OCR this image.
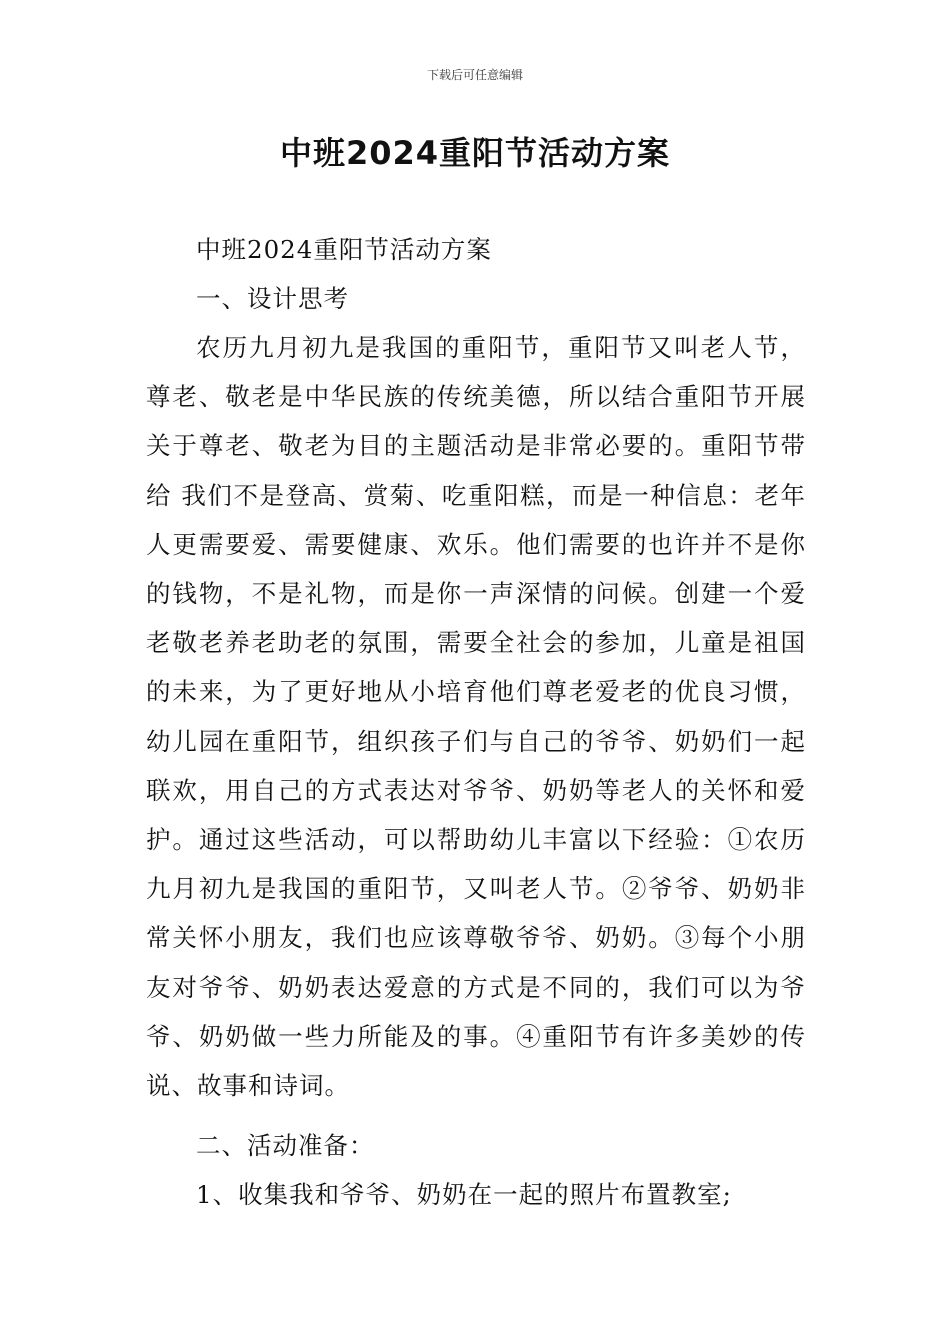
下载后可任意编辑
中班2024重阳节活动方案
中班2024重阳节活动方案
一、设计思考

农历九月初九是我国的重阳节，重阳节又叫老人节，尊老、敬老是中华民族的传统美德，所以结合重阳节开展关于尊老、敬老为目的主题活动是非常必要的。重阳节带给 我们不是登高、赏菊、吃重阳糕，而是一种信息：老年人更需要爱、需要健康、欢乐。他们需要的也许并不是你的钱物，不是礼物，而是你一声深情的问候。创建一个爱老敬老养老助老的氛围，需要全社会的参加，儿童是祖国的未来，为了更好地从小培育他们尊老爱老的优良习惯，幼儿园在重阳节，组织孩子们与自己的爷爷、奶奶们一起联欢，用自己的方式表达对爷爷、奶奶等老人的关怀和爱护。通过这些活动，可以帮助幼儿丰富以下经验：①农历九月初九是我国的重阳节，又叫老人节。②爷爷、奶奶非常关怀小朋友，我们也应该尊敬爷爷、奶奶。③每个小朋友对爷爷、奶奶表达爱意的方式是不同的，我们可以为爷爷、奶奶做一些力所能及的事。④重阳节有许多美妙的传说、故事和诗词。

二、活动准备：
1、收集我和爷爷、奶奶在一起的照片布置教室;
